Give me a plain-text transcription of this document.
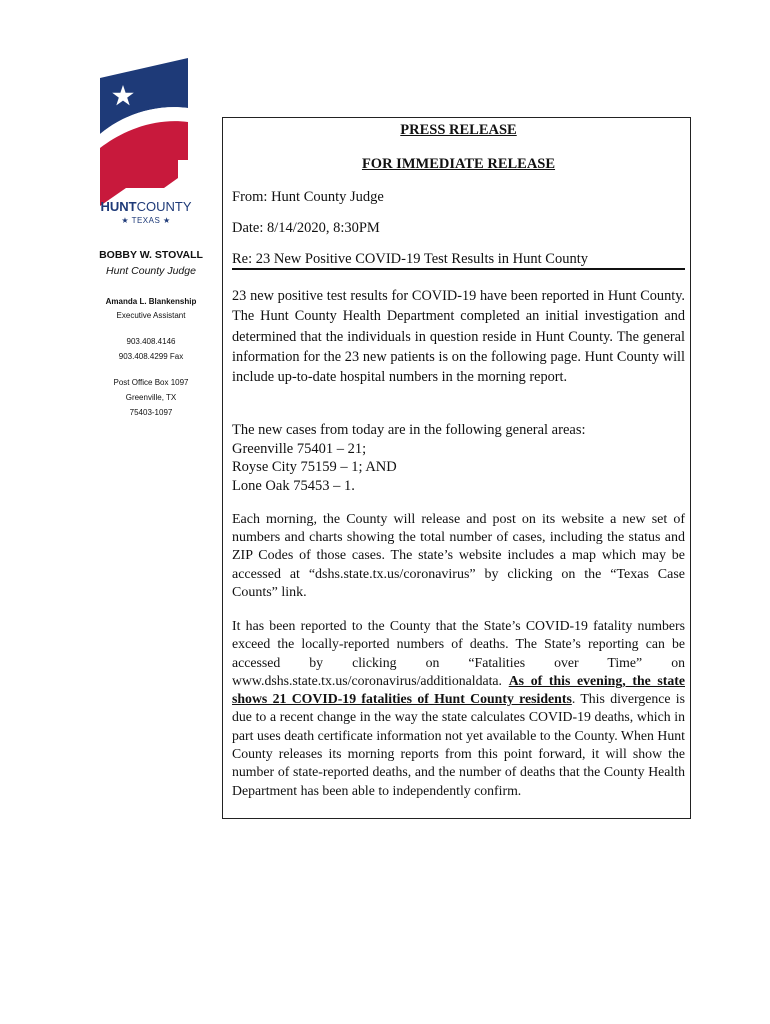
HUNTCOUNTY
★ TEXAS ★
BOBBY W. STOVALL
Hunt County Judge
Amanda L. Blankenship
Executive Assistant
903.408.4146
903.408.4299 Fax
Post Office Box 1097
Greenville, TX
75403-1097
PRESS RELEASE
FOR IMMEDIATE RELEASE
From: Hunt County Judge
Date: 8/14/2020, 8:30PM
Re: 23 New Positive COVID-19 Test Results in Hunt County

23 new positive test results for COVID-19 have been reported in Hunt County. The Hunt County Health Department completed an initial investigation and determined that the individuals in question reside in Hunt County. The general information for the 23 new patients is on the following page. Hunt County will include up-to-date hospital numbers in the morning report.

The new cases from today are in the following general areas:
Greenville 75401 – 21;
Royse City 75159 – 1; AND
Lone Oak 75453 – 1.

Each morning, the County will release and post on its website a new set of numbers and charts showing the total number of cases, including the status and ZIP Codes of those cases. The state’s website includes a map which may be accessed at “dshs.state.tx.us/coronavirus” by clicking on the “Texas Case Counts” link.

It has been reported to the County that the State’s COVID-19 fatality numbers exceed the locally-reported numbers of deaths. The State’s reporting can be accessed by clicking on “Fatalities over Time” on www.dshs.state.tx.us/coronavirus/additionaldata. As of this evening, the state shows 21 COVID-19 fatalities of Hunt County residents. This divergence is due to a recent change in the way the state calculates COVID-19 deaths, which in part uses death certificate information not yet available to the County. When Hunt County releases its morning reports from this point forward, it will show the number of state-reported deaths, and the number of deaths that the County Health Department has been able to independently confirm.
